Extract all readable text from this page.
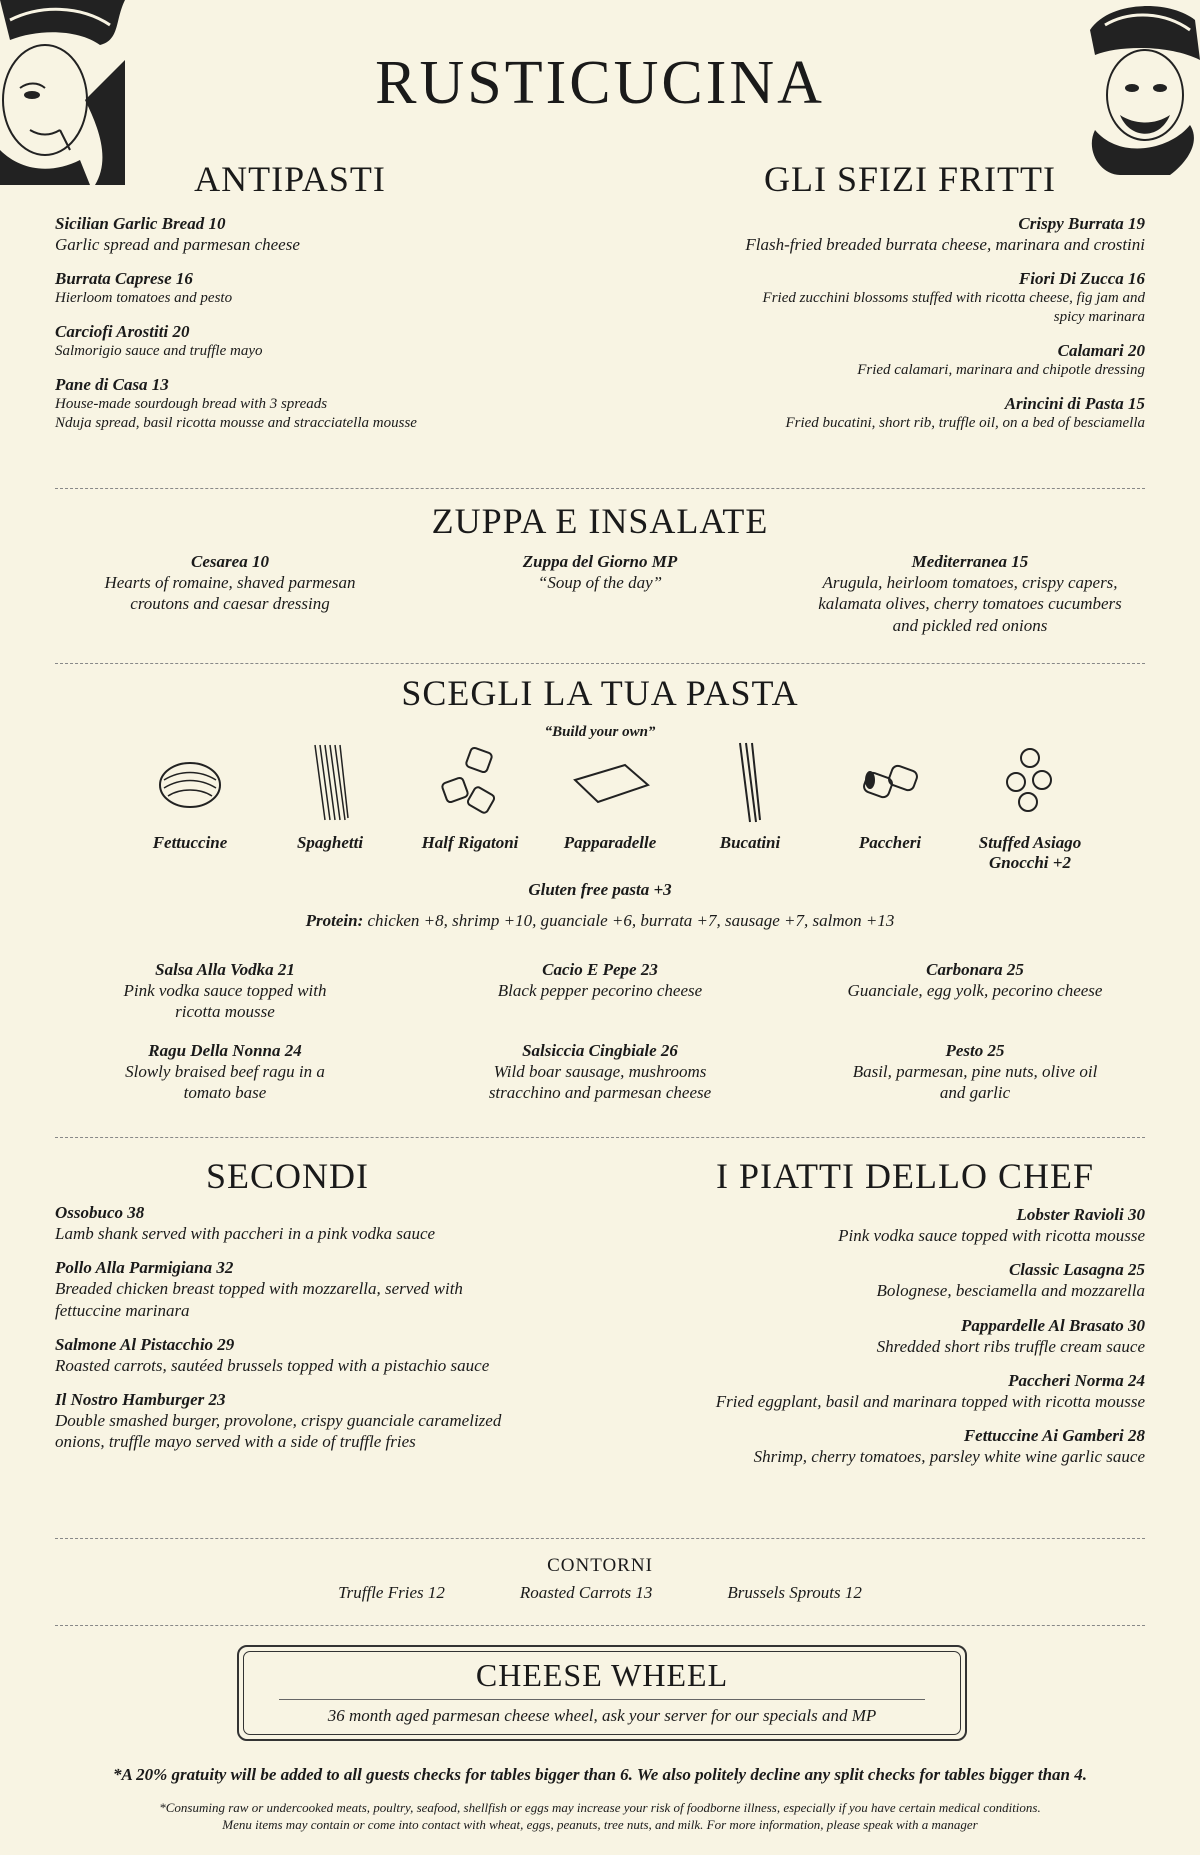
RUSTICUCINA
ANTIPASTI
Sicilian Garlic Bread 10
Garlic spread and parmesan cheese
Burrata Caprese 16
Hierloom tomatoes and pesto
Carciofi Arostiti 20
Salmorigio sauce and truffle mayo
Pane di Casa 13
House-made sourdough bread with 3 spreads
Nduja spread, basil ricotta mousse and stracciatella mousse
GLI SFIZI FRITTI
Crispy Burrata 19
Flash-fried breaded burrata cheese, marinara and crostini
Fiori Di Zucca 16
Fried zucchini blossoms stuffed with ricotta cheese, fig jam and
spicy marinara
Calamari 20
Fried calamari, marinara and chipotle dressing
Arincini di Pasta 15
Fried bucatini, short rib, truffle oil, on a bed of besciamella
ZUPPA E INSALATE
Cesarea 10
Hearts of romaine, shaved parmesan
croutons and caesar dressing
Zuppa del Giorno MP
“Soup of the day”
Mediterranea 15
Arugula, heirloom tomatoes, crispy capers,
kalamata olives, cherry tomatoes cucumbers
and pickled red onions
SCEGLI LA TUA PASTA
“Build your own”
Fettuccine	Spaghetti	Half Rigatoni	Papparadelle	Bucatini	Paccheri	Stuffed Asiago
Gnocchi +2
Gluten free pasta +3
Protein: chicken +8, shrimp +10, guanciale +6, burrata +7, sausage +7, salmon +13
Salsa Alla Vodka 21
Pink vodka sauce topped with
ricotta mousse
Cacio E Pepe 23
Black pepper pecorino cheese
Carbonara 25
Guanciale, egg yolk, pecorino cheese
Ragu Della Nonna 24
Slowly braised beef ragu in a
tomato base
Salsiccia Cingbiale 26
Wild boar sausage, mushrooms
stracchino and parmesan cheese
Pesto 25
Basil, parmesan, pine nuts, olive oil
and garlic
SECONDI
Ossobuco 38
Lamb shank served with paccheri in a pink vodka sauce
Pollo Alla Parmigiana 32
Breaded chicken breast topped with mozzarella, served with
fettuccine marinara
Salmone Al Pistacchio 29
Roasted carrots, sautéed brussels topped with a pistachio sauce
Il Nostro Hamburger 23
Double smashed burger, provolone, crispy guanciale caramelized
onions, truffle mayo served with a side of truffle fries
I PIATTI DELLO CHEF
Lobster Ravioli 30
Pink vodka sauce topped with ricotta mousse
Classic Lasagna 25
Bolognese, besciamella and mozzarella
Pappardelle Al Brasato 30
Shredded short ribs truffle cream sauce
Paccheri Norma 24
Fried eggplant, basil and marinara topped with ricotta mousse
Fettuccine Ai Gamberi 28
Shrimp, cherry tomatoes, parsley white wine garlic sauce
CONTORNI
Truffle Fries 12	Roasted Carrots 13	Brussels Sprouts 12
CHEESE WHEEL
36 month aged parmesan cheese wheel, ask your server for our specials and MP
*A 20% gratuity will be added to all guests checks for tables bigger than 6. We also politely decline any split checks for tables bigger than 4.
*Consuming raw or undercooked meats, poultry, seafood, shellfish or eggs may increase your risk of foodborne illness, especially if you have certain medical conditions.
Menu items may contain or come into contact with wheat, eggs, peanuts, tree nuts, and milk. For more information, please speak with a manager
